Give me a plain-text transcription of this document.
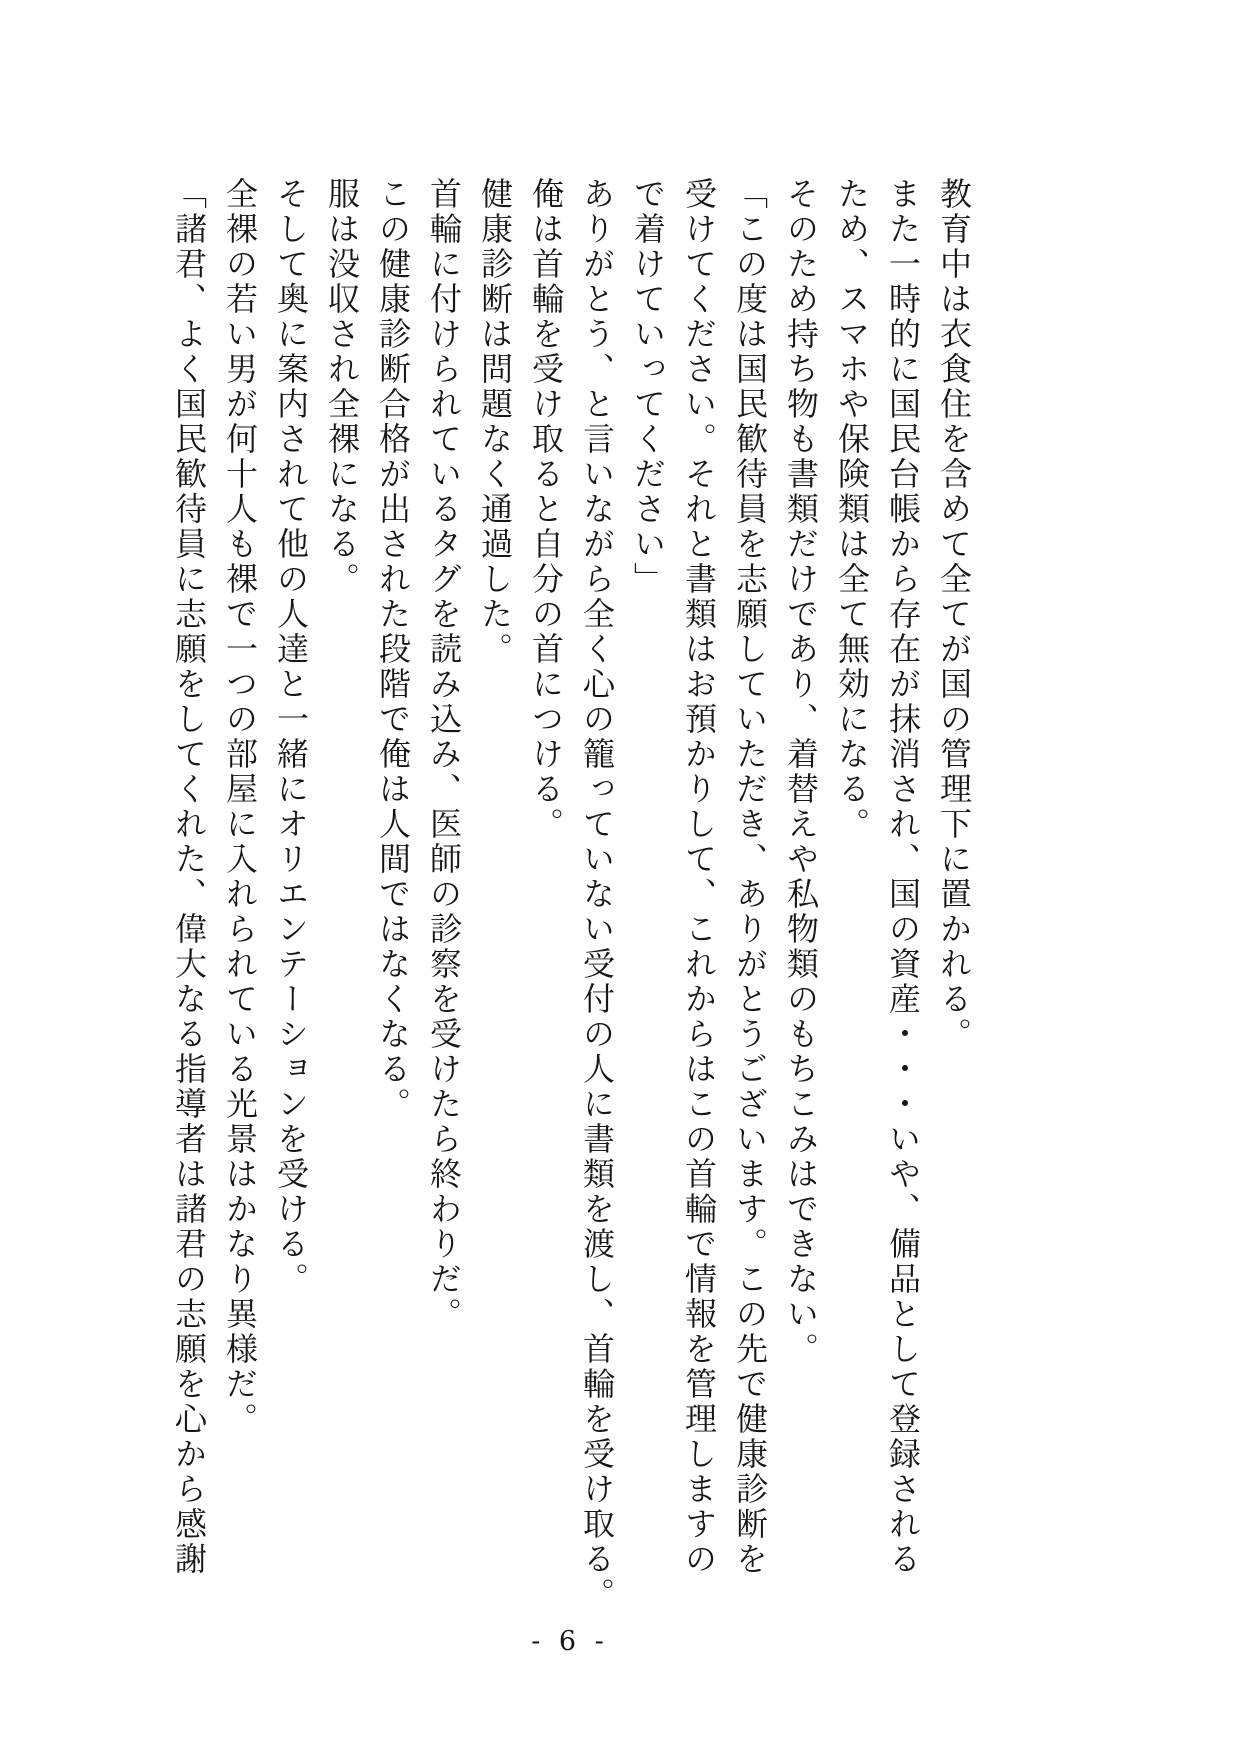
教育中は衣食住を含めて全てが国の管理下に置かれる。
また一時的に国民台帳から存在が抹消され、国の資産・・・いや、備品として登録される
ため、スマホや保険類は全て無効になる。
そのため持ち物も書類だけであり、着替えや私物類のもちこみはできない。
「この度は国民歓待員を志願していただき、ありがとうございます。この先で健康診断を
受けてください。それと書類はお預かりして、これからはこの首輪で情報を管理しますの
で着けていってください」
ありがとう、と言いながら全く心の籠っていない受付の人に書類を渡し、首輪を受け取る。
俺は首輪を受け取ると自分の首につける。
健康診断は問題なく通過した。
首輪に付けられているタグを読み込み、医師の診察を受けたら終わりだ。
この健康診断合格が出された段階で俺は人間ではなくなる。
服は没収され全裸になる。
そして奥に案内されて他の人達と一緒にオリエンテーションを受ける。
全裸の若い男が何十人も裸で一つの部屋に入れられている光景はかなり異様だ。
「諸君、よく国民歓待員に志願をしてくれた、偉大なる指導者は諸君の志願を心から感謝
- 6 -
